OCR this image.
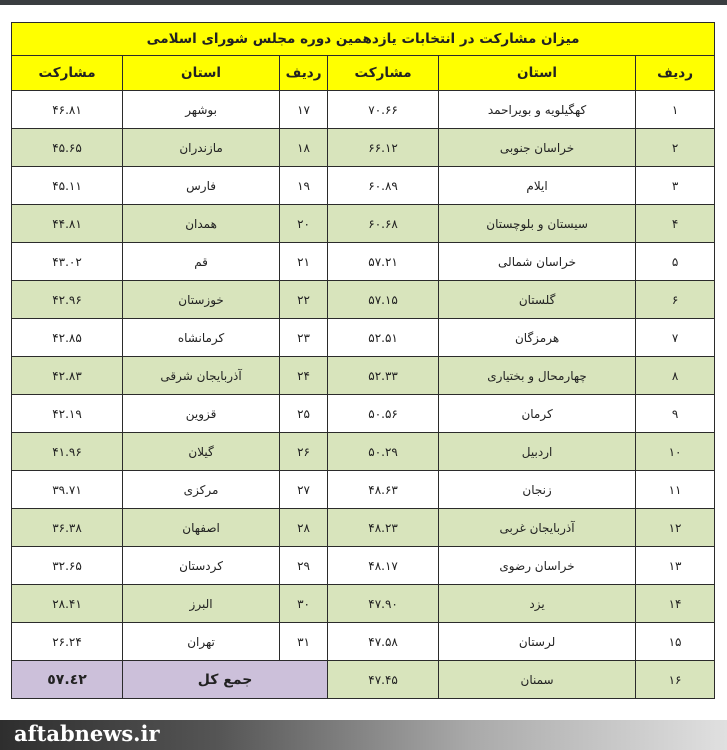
میزان مشارکت در انتخابات یازدهمین دوره مجلس شورای اسلامی					
ردیف	استان	مشارکت	ردیف	استان	مشارکت
۱	کهگیلویه و بویراحمد	۷۰.۶۶	۱۷	بوشهر	۴۶.۸۱
۲	خراسان جنوبی	۶۶.۱۲	۱۸	مازندران	۴۵.۶۵
۳	ایلام	۶۰.۸۹	۱۹	فارس	۴۵.۱۱
۴	سیستان و بلوچستان	۶۰.۶۸	۲۰	همدان	۴۴.۸۱
۵	خراسان شمالی	۵۷.۲۱	۲۱	قم	۴۳.۰۲
۶	گلستان	۵۷.۱۵	۲۲	خوزستان	۴۲.۹۶
۷	هرمزگان	۵۲.۵۱	۲۳	کرمانشاه	۴۲.۸۵
۸	چهارمحال و بختیاری	۵۲.۳۳	۲۴	آذربایجان شرقی	۴۲.۸۳
۹	کرمان	۵۰.۵۶	۲۵	قزوین	۴۲.۱۹
۱۰	اردبیل	۵۰.۲۹	۲۶	گیلان	۴۱.۹۶
۱۱	زنجان	۴۸.۶۳	۲۷	مرکزی	۳۹.۷۱
۱۲	آذربایجان غربی	۴۸.۲۳	۲۸	اصفهان	۳۶.۳۸
۱۳	خراسان رضوی	۴۸.۱۷	۲۹	کردستان	۳۲.۶۵
۱۴	یزد	۴۷.۹۰	۳۰	البرز	۲۸.۴۱
۱۵	لرستان	۴۷.۵۸	۳۱	تهران	۲۶.۲۴
۱۶	سمنان	۴۷.۴۵	جمع کل		٤۲.٥۷
aftabnews.ir
